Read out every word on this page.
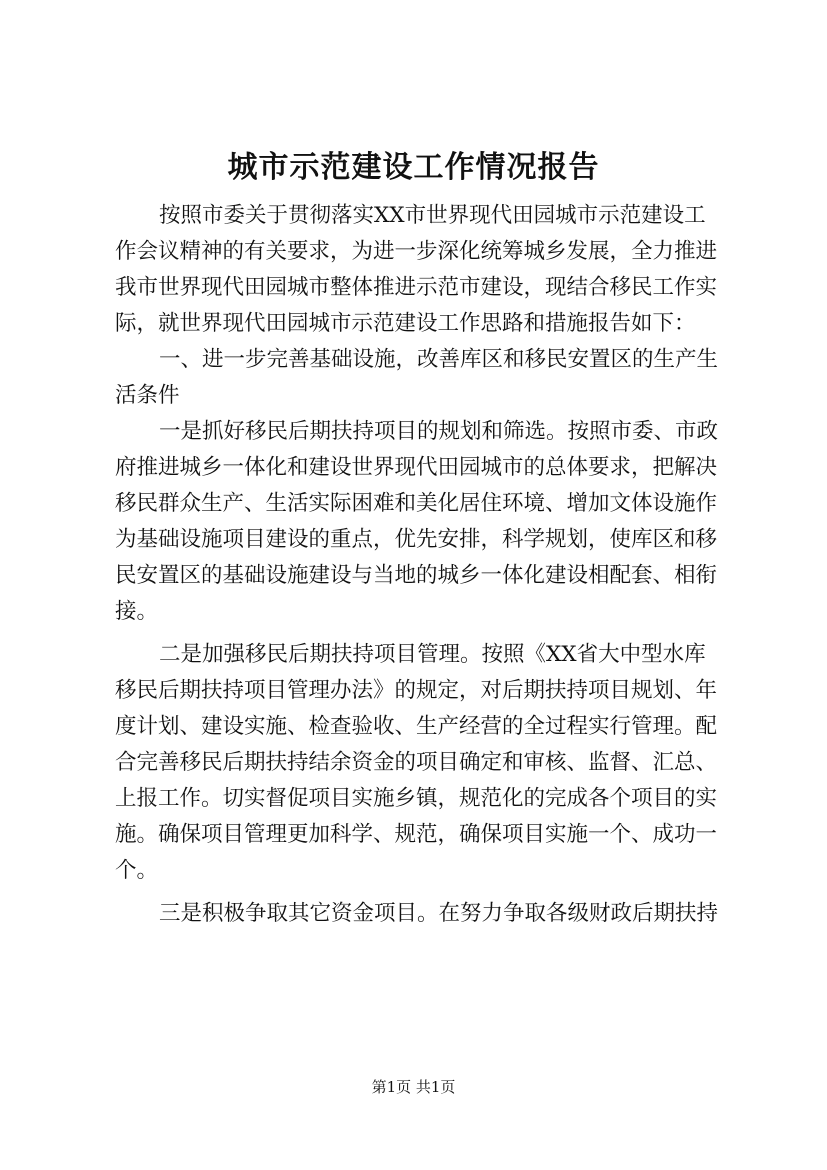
城市示范建设工作情况报告
按照市委关于贯彻落实XX市世界现代田园城市示范建设工
作会议精神的有关要求，为进一步深化统筹城乡发展，全力推进
我市世界现代田园城市整体推进示范市建设，现结合移民工作实
际，就世界现代田园城市示范建设工作思路和措施报告如下：
一、进一步完善基础设施，改善库区和移民安置区的生产生
活条件
一是抓好移民后期扶持项目的规划和筛选。按照市委、市政
府推进城乡一体化和建设世界现代田园城市的总体要求，把解决
移民群众生产、生活实际困难和美化居住环境、增加文体设施作
为基础设施项目建设的重点，优先安排，科学规划，使库区和移
民安置区的基础设施建设与当地的城乡一体化建设相配套、相衔
接。
二是加强移民后期扶持项目管理。按照《XX省大中型水库
移民后期扶持项目管理办法》的规定，对后期扶持项目规划、年
度计划、建设实施、检查验收、生产经营的全过程实行管理。配
合完善移民后期扶持结余资金的项目确定和审核、监督、汇总、
上报工作。切实督促项目实施乡镇，规范化的完成各个项目的实
施。确保项目管理更加科学、规范，确保项目实施一个、成功一
个。
三是积极争取其它资金项目。在努力争取各级财政后期扶持
第1页 共1页
